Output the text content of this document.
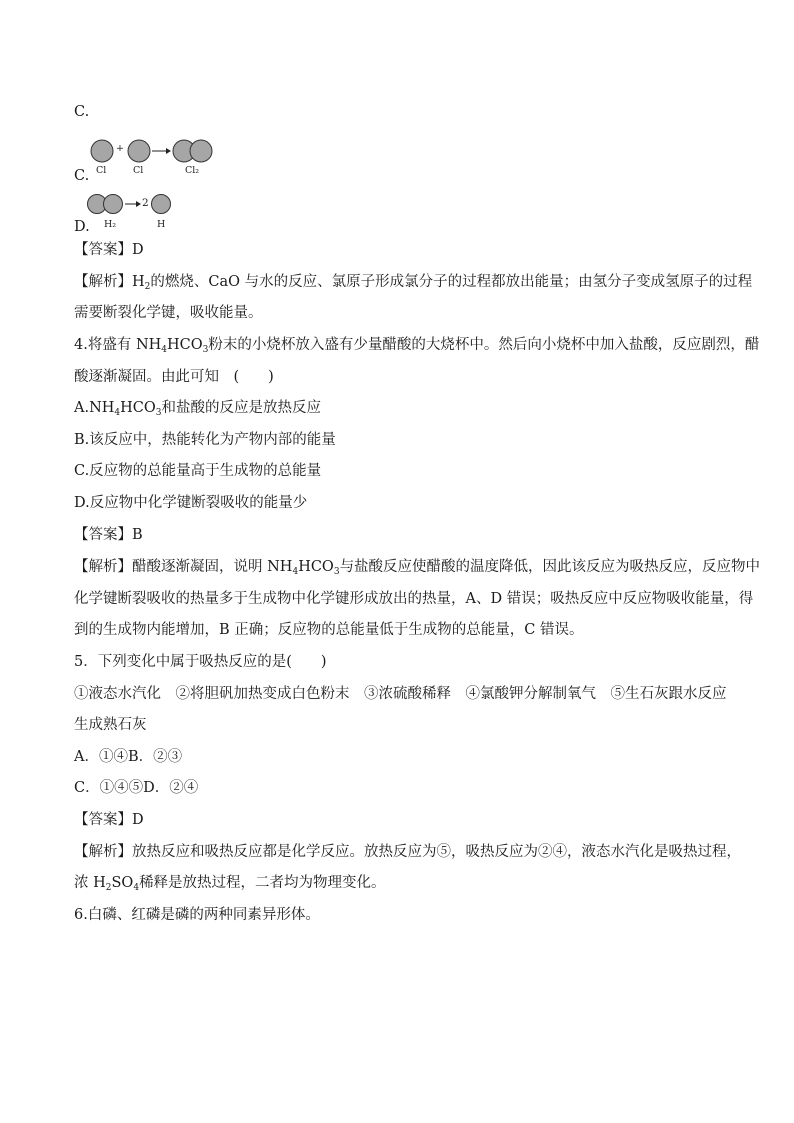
C.
+
Cl	Cl	Cl₂
C.
2
H₂	H
D.
【答案】D
【解析】$H_2$的燃烧、CaO 与水的反应、氯原子形成氯分子的过程都放出能量；由氢分子变成氢原子的过程
需要断裂化学键，吸收能量。
4.将盛有 $NH_4HCO_3$粉末的小烧杯放入盛有少量醋酸的大烧杯中。然后向小烧杯中加入盐酸，反应剧烈，醋
酸逐渐凝固。由此可知　(　　)
$A.NH_4HCO_3$和盐酸的反应是放热反应
B.该反应中，热能转化为产物内部的能量
C.反应物的总能量高于生成物的总能量
D.反应物中化学键断裂吸收的能量少
【答案】B
【解析】醋酸逐渐凝固，说明 $NH_4HCO_3$与盐酸反应使醋酸的温度降低，因此该反应为吸热反应，反应物中
化学键断裂吸收的热量多于生成物中化学键形成放出的热量，A、D 错误；吸热反应中反应物吸收能量，得
到的生成物内能增加，B 正确；反应物的总能量低于生成物的总能量，C 错误。
5．下列变化中属于吸热反应的是(　　)
①液态水汽化　②将胆矾加热变成白色粉末　③浓硫酸稀释　④氯酸钾分解制氧气　⑤生石灰跟水反应
生成熟石灰
A．①④B．②③
C．①④⑤D．②④
【答案】D
【解析】放热反应和吸热反应都是化学反应。放热反应为⑤，吸热反应为②④，液态水汽化是吸热过程，
浓 $H_2SO_4$稀释是放热过程，二者均为物理变化。
6.白磷、红磷是磷的两种同素异形体。
